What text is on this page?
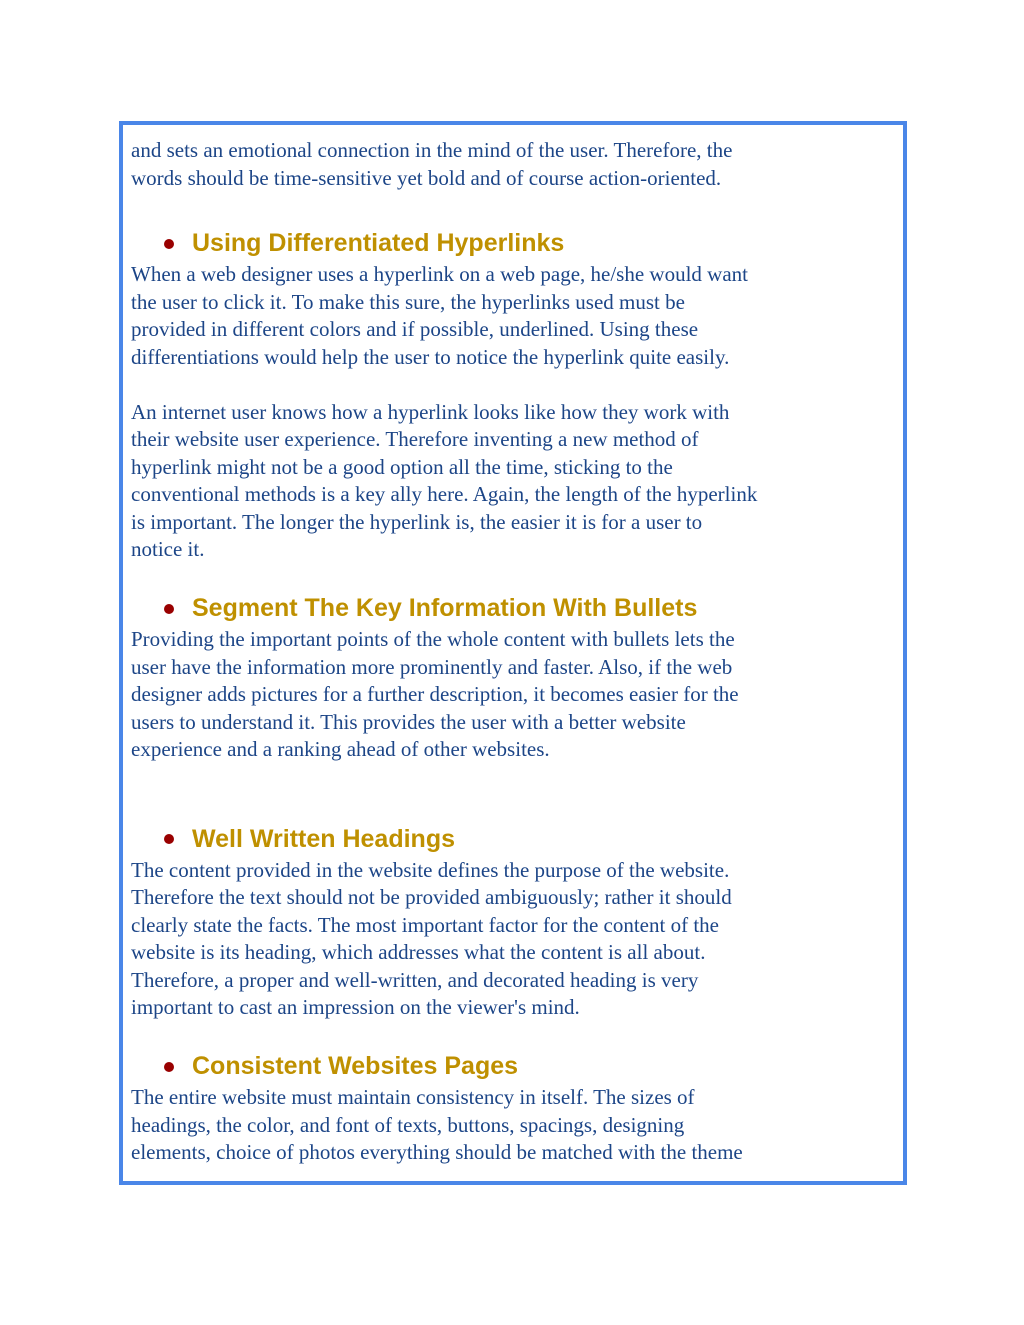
and sets an emotional connection in the mind of the user. Therefore, the
words should be time-sensitive yet bold and of course action-oriented.

Using Differentiated Hyperlinks

When a web designer uses a hyperlink on a web page, he/she would want
the user to click it. To make this sure, the hyperlinks used must be
provided in different colors and if possible, underlined. Using these
differentiations would help the user to notice the hyperlink quite easily.

An internet user knows how a hyperlink looks like how they work with
their website user experience. Therefore inventing a new method of
hyperlink might not be a good option all the time, sticking to the
conventional methods is a key ally here. Again, the length of the hyperlink
is important. The longer the hyperlink is, the easier it is for a user to
notice it.

Segment The Key Information With Bullets

Providing the important points of the whole content with bullets lets the
user have the information more prominently and faster. Also, if the web
designer adds pictures for a further description, it becomes easier for the
users to understand it. This provides the user with a better website
experience and a ranking ahead of other websites.

Well Written Headings

The content provided in the website defines the purpose of the website.
Therefore the text should not be provided ambiguously; rather it should
clearly state the facts. The most important factor for the content of the
website is its heading, which addresses what the content is all about.
Therefore, a proper and well-written, and decorated heading is very
important to cast an impression on the viewer's mind.

Consistent Websites Pages

The entire website must maintain consistency in itself. The sizes of
headings, the color, and font of texts, buttons, spacings, designing
elements, choice of photos everything should be matched with the theme
